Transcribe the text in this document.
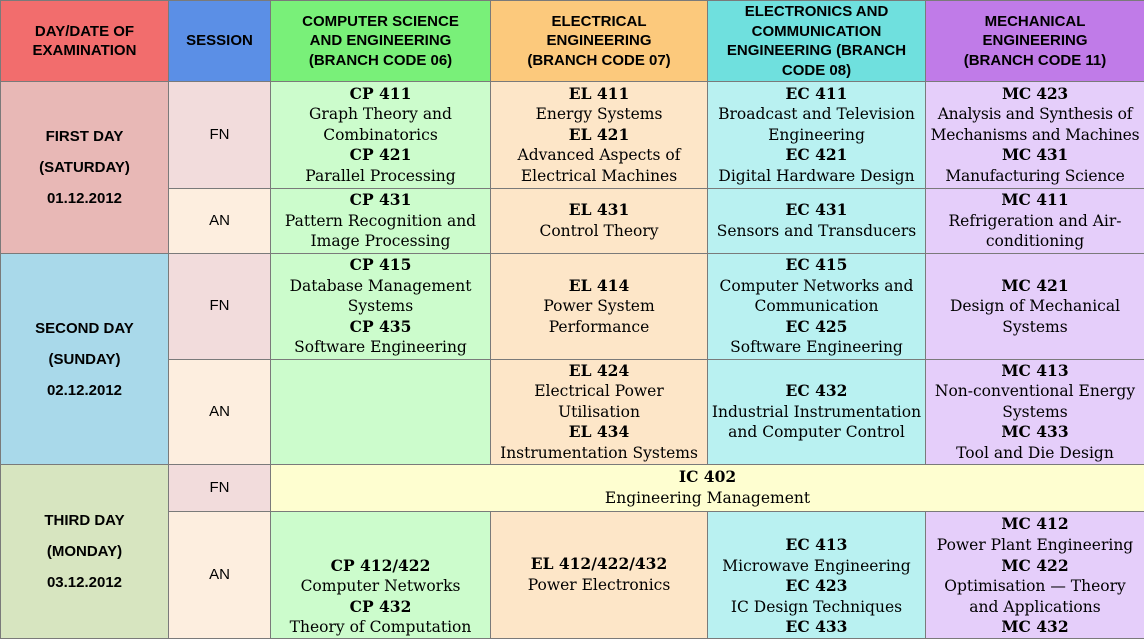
DAY/DATE OF
EXAMINATION	SESSION	COMPUTER SCIENCE
AND ENGINEERING
(BRANCH CODE 06)	ELECTRICAL
ENGINEERING
(BRANCH CODE 07)	ELECTRONICS AND
COMMUNICATION
ENGINEERING (BRANCH
CODE 08)	MECHANICAL
ENGINEERING
(BRANCH CODE 11)

FIRST DAY
(SATURDAY)
01.12.2012	FN	CP 411
Graph Theory and Combinatorics
CP 421
Parallel Processing	EL 411
Energy Systems
EL 421
Advanced Aspects of Electrical Machines	EC 411
Broadcast and Television Engineering
EC 421
Digital Hardware Design	MC 423
Analysis and Synthesis of Mechanisms and Machines
MC 431
Manufacturing Science

	AN	CP 431
Pattern Recognition and Image Processing	EL 431
Control Theory	EC 431
Sensors and Transducers	MC 411
Refrigeration and Air-conditioning

SECOND DAY
(SUNDAY)
02.12.2012	FN	CP 415
Database Management Systems
CP 435
Software Engineering	EL 414
Power System Performance	EC 415
Computer Networks and Communication
EC 425
Software Engineering	MC 421
Design of Mechanical Systems

	AN		EL 424
Electrical Power Utilisation
EL 434
Instrumentation Systems	EC 432
Industrial Instrumentation and Computer Control	MC 413
Non-conventional Energy Systems
MC 433
Tool and Die Design

THIRD DAY
(MONDAY)
03.12.2012	FN	IC 402
Engineering Management			

	AN	CP 412/422
Computer Networks
CP 432
Theory of Computation	EL 412/422/432
Power Electronics	EC 413
Microwave Engineering
EC 423
IC Design Techniques
EC 433	MC 412
Power Plant Engineering
MC 422
Optimisation — Theory and Applications
MC 432
